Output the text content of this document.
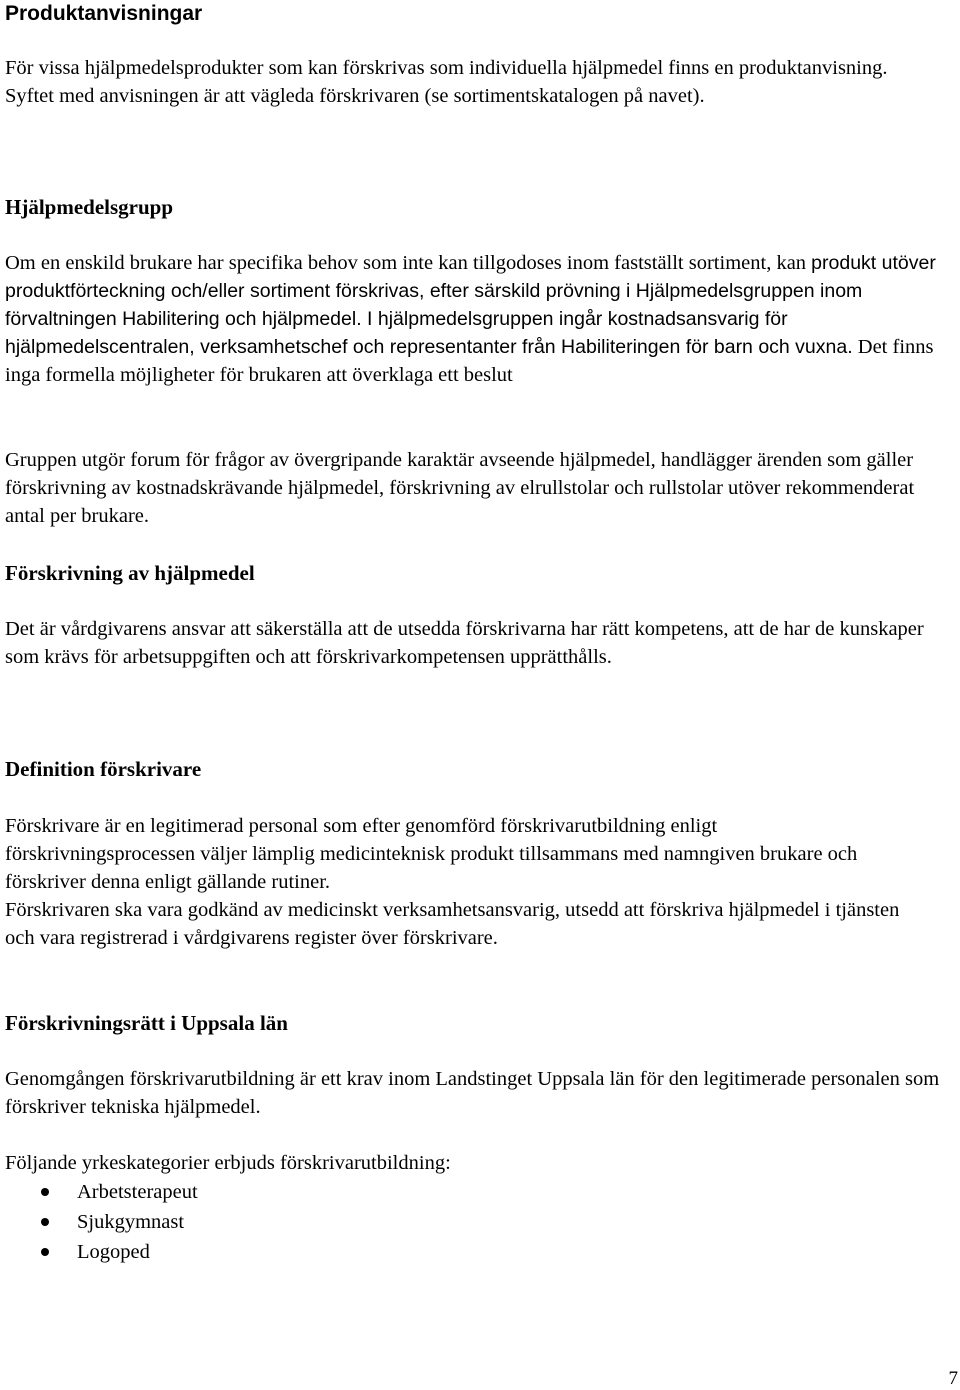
Produktanvisningar

För vissa hjälpmedelsprodukter som kan förskrivas som individuella hjälpmedel finns en produktanvisning. Syftet med anvisningen är att vägleda förskrivaren (se sortimentskatalogen på navet).

Hjälpmedelsgrupp

Om en enskild brukare har specifika behov som inte kan tillgodoses inom fastställt sortiment, kan produkt utöver produktförteckning och/eller sortiment förskrivas, efter särskild prövning i Hjälpmedelsgruppen inom förvaltningen Habilitering och hjälpmedel. I hjälpmedelsgruppen ingår kostnadsansvarig för hjälpmedelscentralen, verksamhetschef och representanter från Habiliteringen för barn och vuxna. Det finns inga formella möjligheter för brukaren att överklaga ett beslut

Gruppen utgör forum för frågor av övergripande karaktär avseende hjälpmedel, handlägger ärenden som gäller förskrivning av kostnadskrävande hjälpmedel, förskrivning av elrullstolar och rullstolar utöver rekommenderat antal per brukare.

Förskrivning av hjälpmedel

Det är vårdgivarens ansvar att säkerställa att de utsedda förskrivarna har rätt kompetens, att de har de kunskaper som krävs för arbetsuppgiften och att förskrivarkompetensen upprätthålls.

Definition förskrivare

Förskrivare är en legitimerad personal som efter genomförd förskrivarutbildning enligt förskrivningsprocessen väljer lämplig medicinteknisk produkt tillsammans med namngiven brukare och förskriver denna enligt gällande rutiner.

Förskrivaren ska vara godkänd av medicinskt verksamhetsansvarig, utsedd att förskriva hjälpmedel i tjänsten och vara registrerad i vårdgivarens register över förskrivare.

Förskrivningsrätt i Uppsala län

Genomgången förskrivarutbildning är ett krav inom Landstinget Uppsala län för den legitimerade personalen som förskriver tekniska hjälpmedel.

Följande yrkeskategorier erbjuds förskrivarutbildning:

Arbetsterapeut
Sjukgymnast
Logoped
7
